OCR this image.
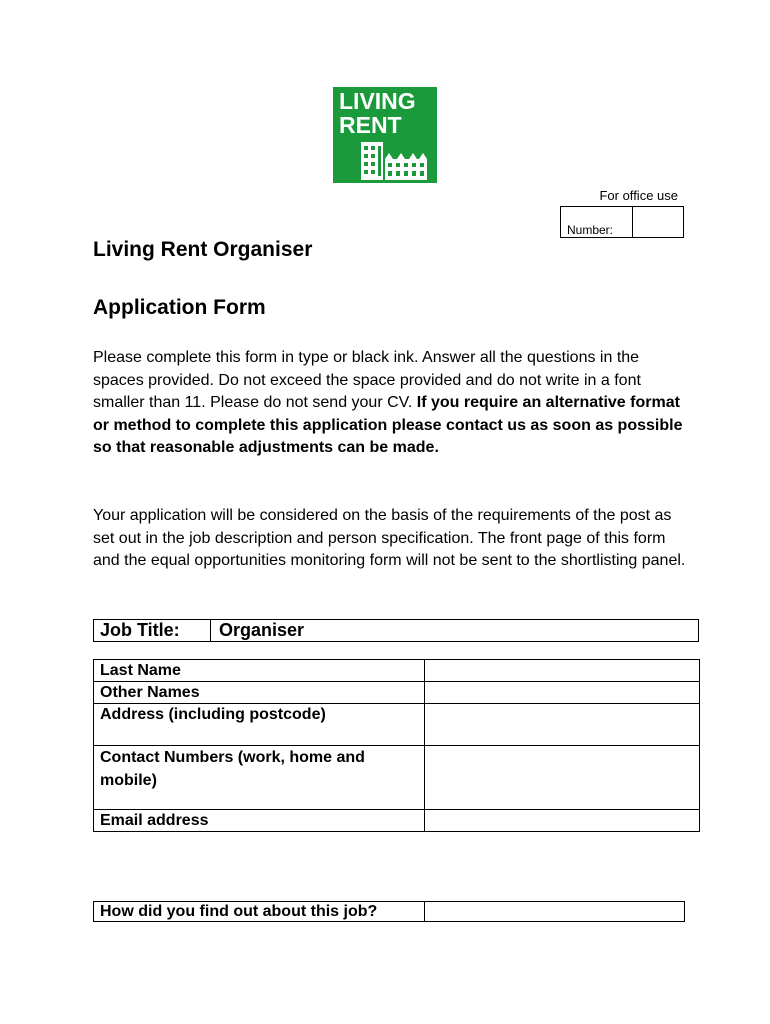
LIVING
RENT
For office use
Number:
Living Rent Organiser
Application Form

Please complete this form in type or black ink. Answer all the questions in the spaces provided. Do not exceed the space provided and do not write in a font smaller than 11. Please do not send your CV. If you require an alternative format or method to complete this application please contact us as soon as possible so that reasonable adjustments can be made.

Your application will be considered on the basis of the requirements of the post as set out in the job description and person specification. The front page of this form and the equal opportunities monitoring form will not be sent to the shortlisting panel.

Job Title:	Organiser
Last Name	
Other Names	
Address (including postcode)	
Contact Numbers (work, home and mobile)	
Email address	
How did you find out about this job?	
